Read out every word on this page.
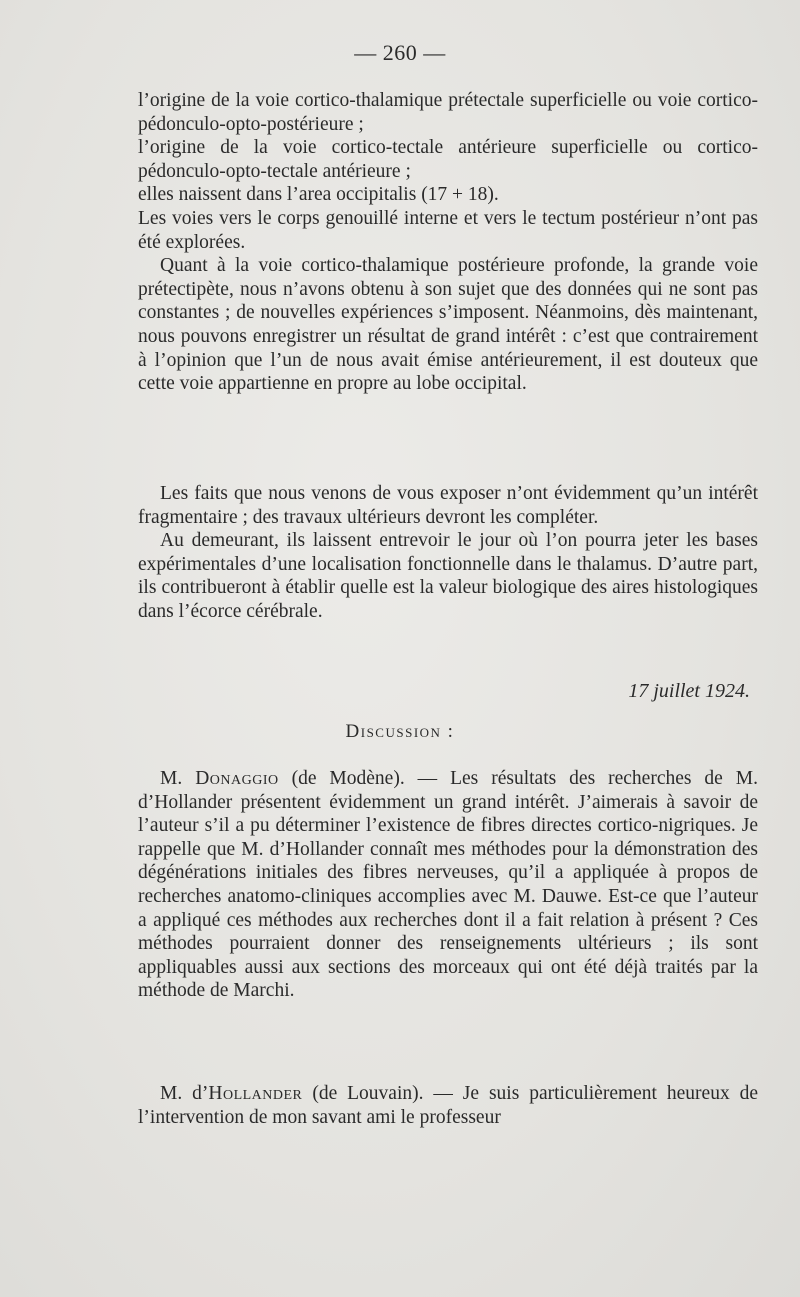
— 260 —

l’origine de la voie cortico-thalamique prétectale superficielle ou voie cortico-pédonculo-opto-postérieure ;

l’origine de la voie cortico-tectale antérieure superficielle ou cortico-pédonculo-opto-tectale antérieure ;

elles naissent dans l’area occipitalis (17 + 18).

Les voies vers le corps genouillé interne et vers le tectum postérieur n’ont pas été explorées.

Quant à la voie cortico-thalamique postérieure profonde, la grande voie prétectipète, nous n’avons obtenu à son sujet que des données qui ne sont pas constantes ; de nouvelles expériences s’imposent. Néanmoins, dès maintenant, nous pouvons enregistrer un résultat de grand intérêt : c’est que contrairement à l’opinion que l’un de nous avait émise antérieurement, il est douteux que cette voie appartienne en propre au lobe occipital.

Les faits que nous venons de vous exposer n’ont évidemment qu’un intérêt fragmentaire ; des travaux ultérieurs devront les compléter.

Au demeurant, ils laissent entrevoir le jour où l’on pourra jeter les bases expérimentales d’une localisation fonctionnelle dans le thalamus. D’autre part, ils contribueront à établir quelle est la valeur biologique des aires histologiques dans l’écorce cérébrale.

17 juillet 1924.
Discussion :

M. Donaggio (de Modène). — Les résultats des recherches de M. d’Hollander présentent évidemment un grand intérêt. J’aimerais à savoir de l’auteur s’il a pu déterminer l’existence de fibres directes cortico-nigriques. Je rappelle que M. d’Hollander connaît mes méthodes pour la démonstration des dégénérations initiales des fibres nerveuses, qu’il a appliquée à propos de recherches anatomo-cliniques accomplies avec M. Dauwe. Est-ce que l’auteur a appliqué ces méthodes aux recherches dont il a fait relation à présent ? Ces méthodes pourraient donner des renseignements ultérieurs ; ils sont appliquables aussi aux sections des morceaux qui ont été déjà traités par la méthode de Marchi.

M. d’Hollander (de Louvain). — Je suis particulièrement heureux de l’intervention de mon savant ami le professeur
